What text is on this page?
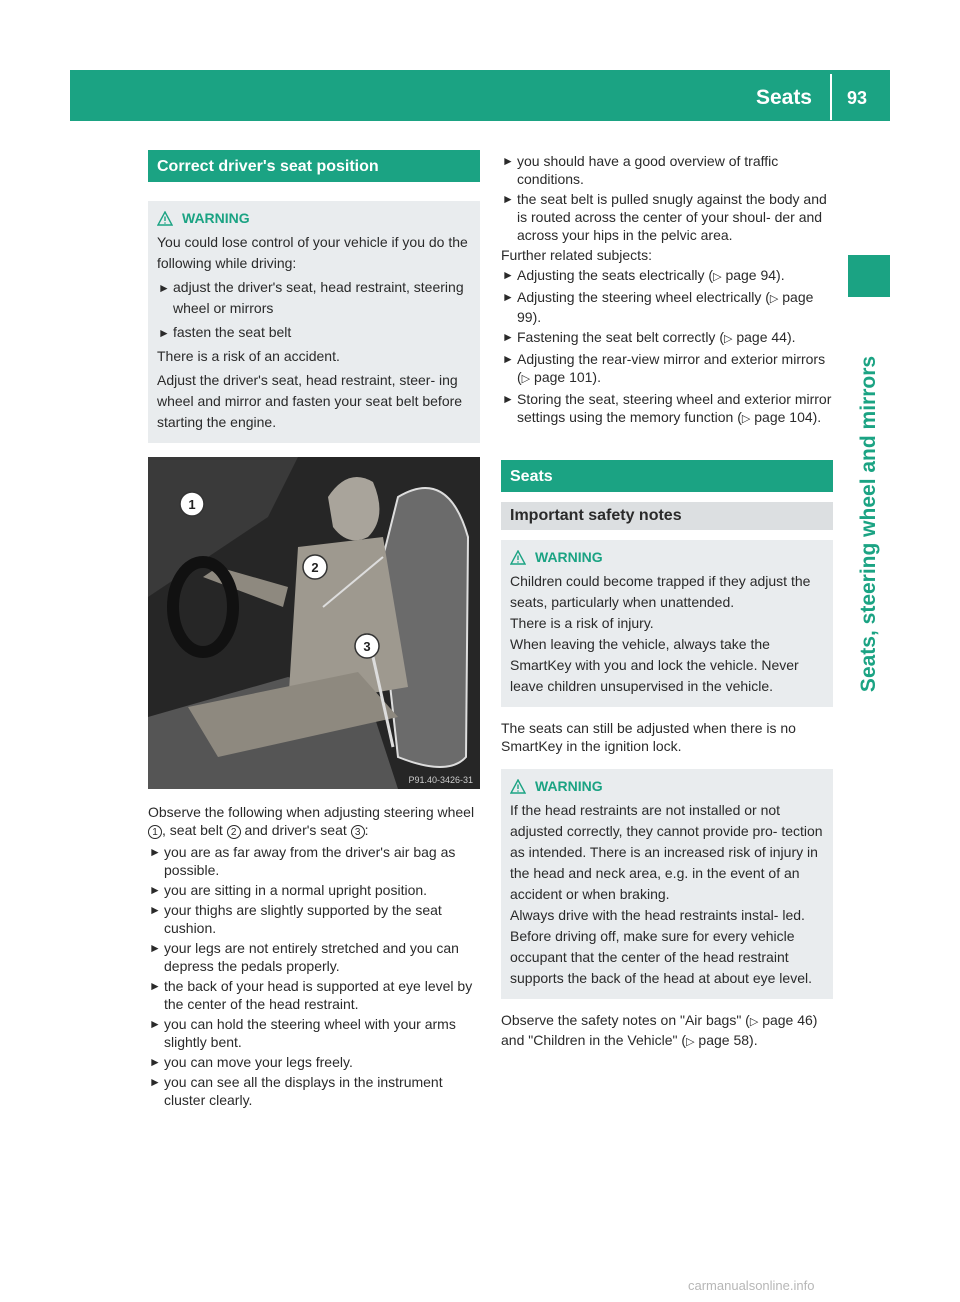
Seats	93
Seats, steering wheel and mirrors
Correct driver's seat position
WARNING

You could lose control of your vehicle if you do the following while driving:

► adjust the driver's seat, head restraint, steering wheel or mirrors
► fasten the seat belt

There is a risk of an accident.

Adjust the driver's seat, head restraint, steer- ing wheel and mirror and fasten your seat belt before starting the engine.

1
2
3
P91.40-3426-31

Observe the following when adjusting steering wheel 1 , seat belt 2 and driver's seat 3 :

► you are as far away from the driver's air bag as possible.
► you are sitting in a normal upright position.
► your thighs are slightly supported by the seat cushion.
► your legs are not entirely stretched and you can depress the pedals properly.
► the back of your head is supported at eye level by the center of the head restraint.
► you can hold the steering wheel with your arms slightly bent.
► you can move your legs freely.
► you can see all the displays in the instrument cluster clearly.
► you should have a good overview of traffic conditions.
► the seat belt is pulled snugly against the body and is routed across the center of your shoul- der and across your hips in the pelvic area.

Further related subjects:

► Adjusting the seats electrically (▷ page 94).
► Adjusting the steering wheel electrically (▷ page 99).
► Fastening the seat belt correctly (▷ page 44).
► Adjusting the rear-view mirror and exterior mirrors (▷ page 101).
► Storing the seat, steering wheel and exterior mirror settings using the memory function (▷ page 104).
Seats
Important safety notes
WARNING

Children could become trapped if they adjust the seats, particularly when unattended.

There is a risk of injury.

When leaving the vehicle, always take the SmartKey with you and lock the vehicle. Never leave children unsupervised in the vehicle.

The seats can still be adjusted when there is no SmartKey in the ignition lock.

WARNING

If the head restraints are not installed or not adjusted correctly, they cannot provide pro- tection as intended. There is an increased risk of injury in the head and neck area, e.g. in the event of an accident or when braking.

Always drive with the head restraints instal- led. Before driving off, make sure for every vehicle occupant that the center of the head restraint supports the back of the head at about eye level.

Observe the safety notes on "Air bags" (▷ page 46) and "Children in the Vehicle" (▷ page 58).

carmanualsonline.info
